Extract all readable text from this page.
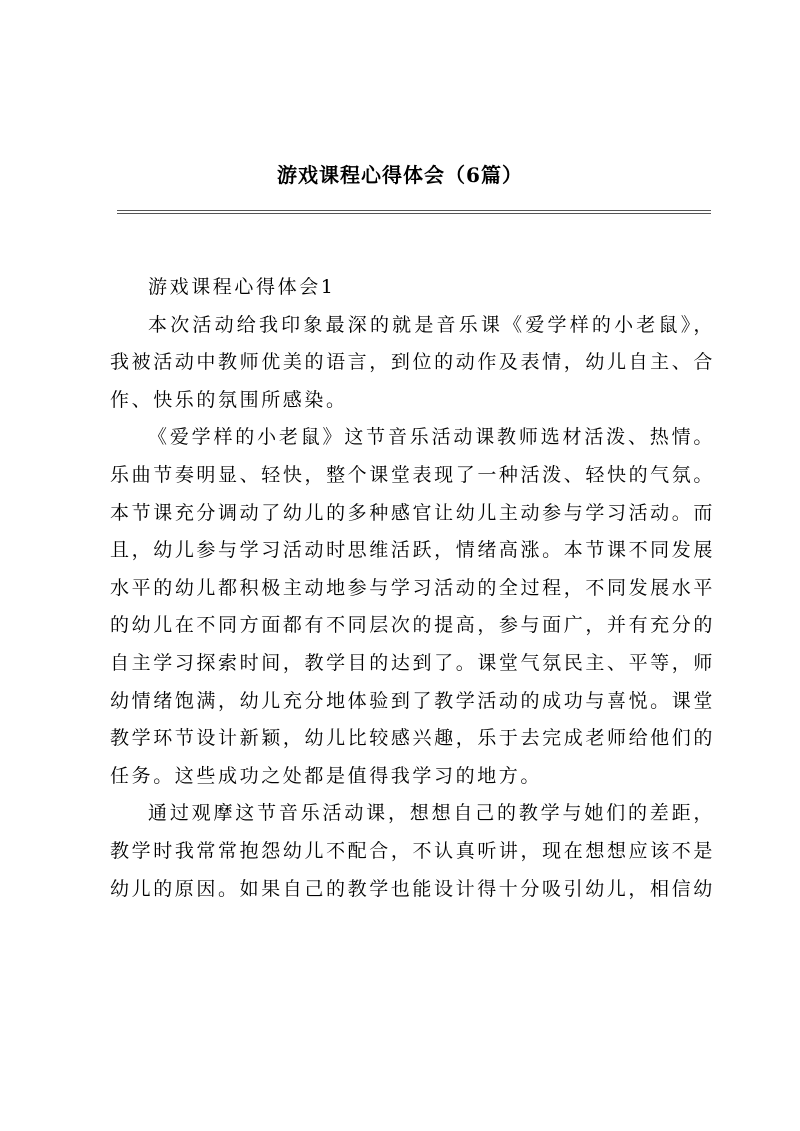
游戏课程心得体会（6篇）

游戏课程心得体会1

本次活动给我印象最深的就是音乐课《爱学样的小老鼠》，我被活动中教师优美的语言，到位的动作及表情，幼儿自主、合作、快乐的氛围所感染。

《爱学样的小老鼠》这节音乐活动课教师选材活泼、热情。乐曲节奏明显、轻快，整个课堂表现了一种活泼、轻快的气氛。本节课充分调动了幼儿的多种感官让幼儿主动参与学习活动。而且，幼儿参与学习活动时思维活跃，情绪高涨。本节课不同发展水平的幼儿都积极主动地参与学习活动的全过程，不同发展水平的幼儿在不同方面都有不同层次的提高，参与面广，并有充分的自主学习探索时间，教学目的达到了。课堂气氛民主、平等，师幼情绪饱满，幼儿充分地体验到了教学活动的成功与喜悦。课堂教学环节设计新颖，幼儿比较感兴趣，乐于去完成老师给他们的任务。这些成功之处都是值得我学习的地方。

通过观摩这节音乐活动课，想想自己的教学与她们的差距，教学时我常常抱怨幼儿不配合，不认真听讲，现在想想应该不是幼儿的原因。如果自己的教学也能设计得十分吸引幼儿，相信幼
